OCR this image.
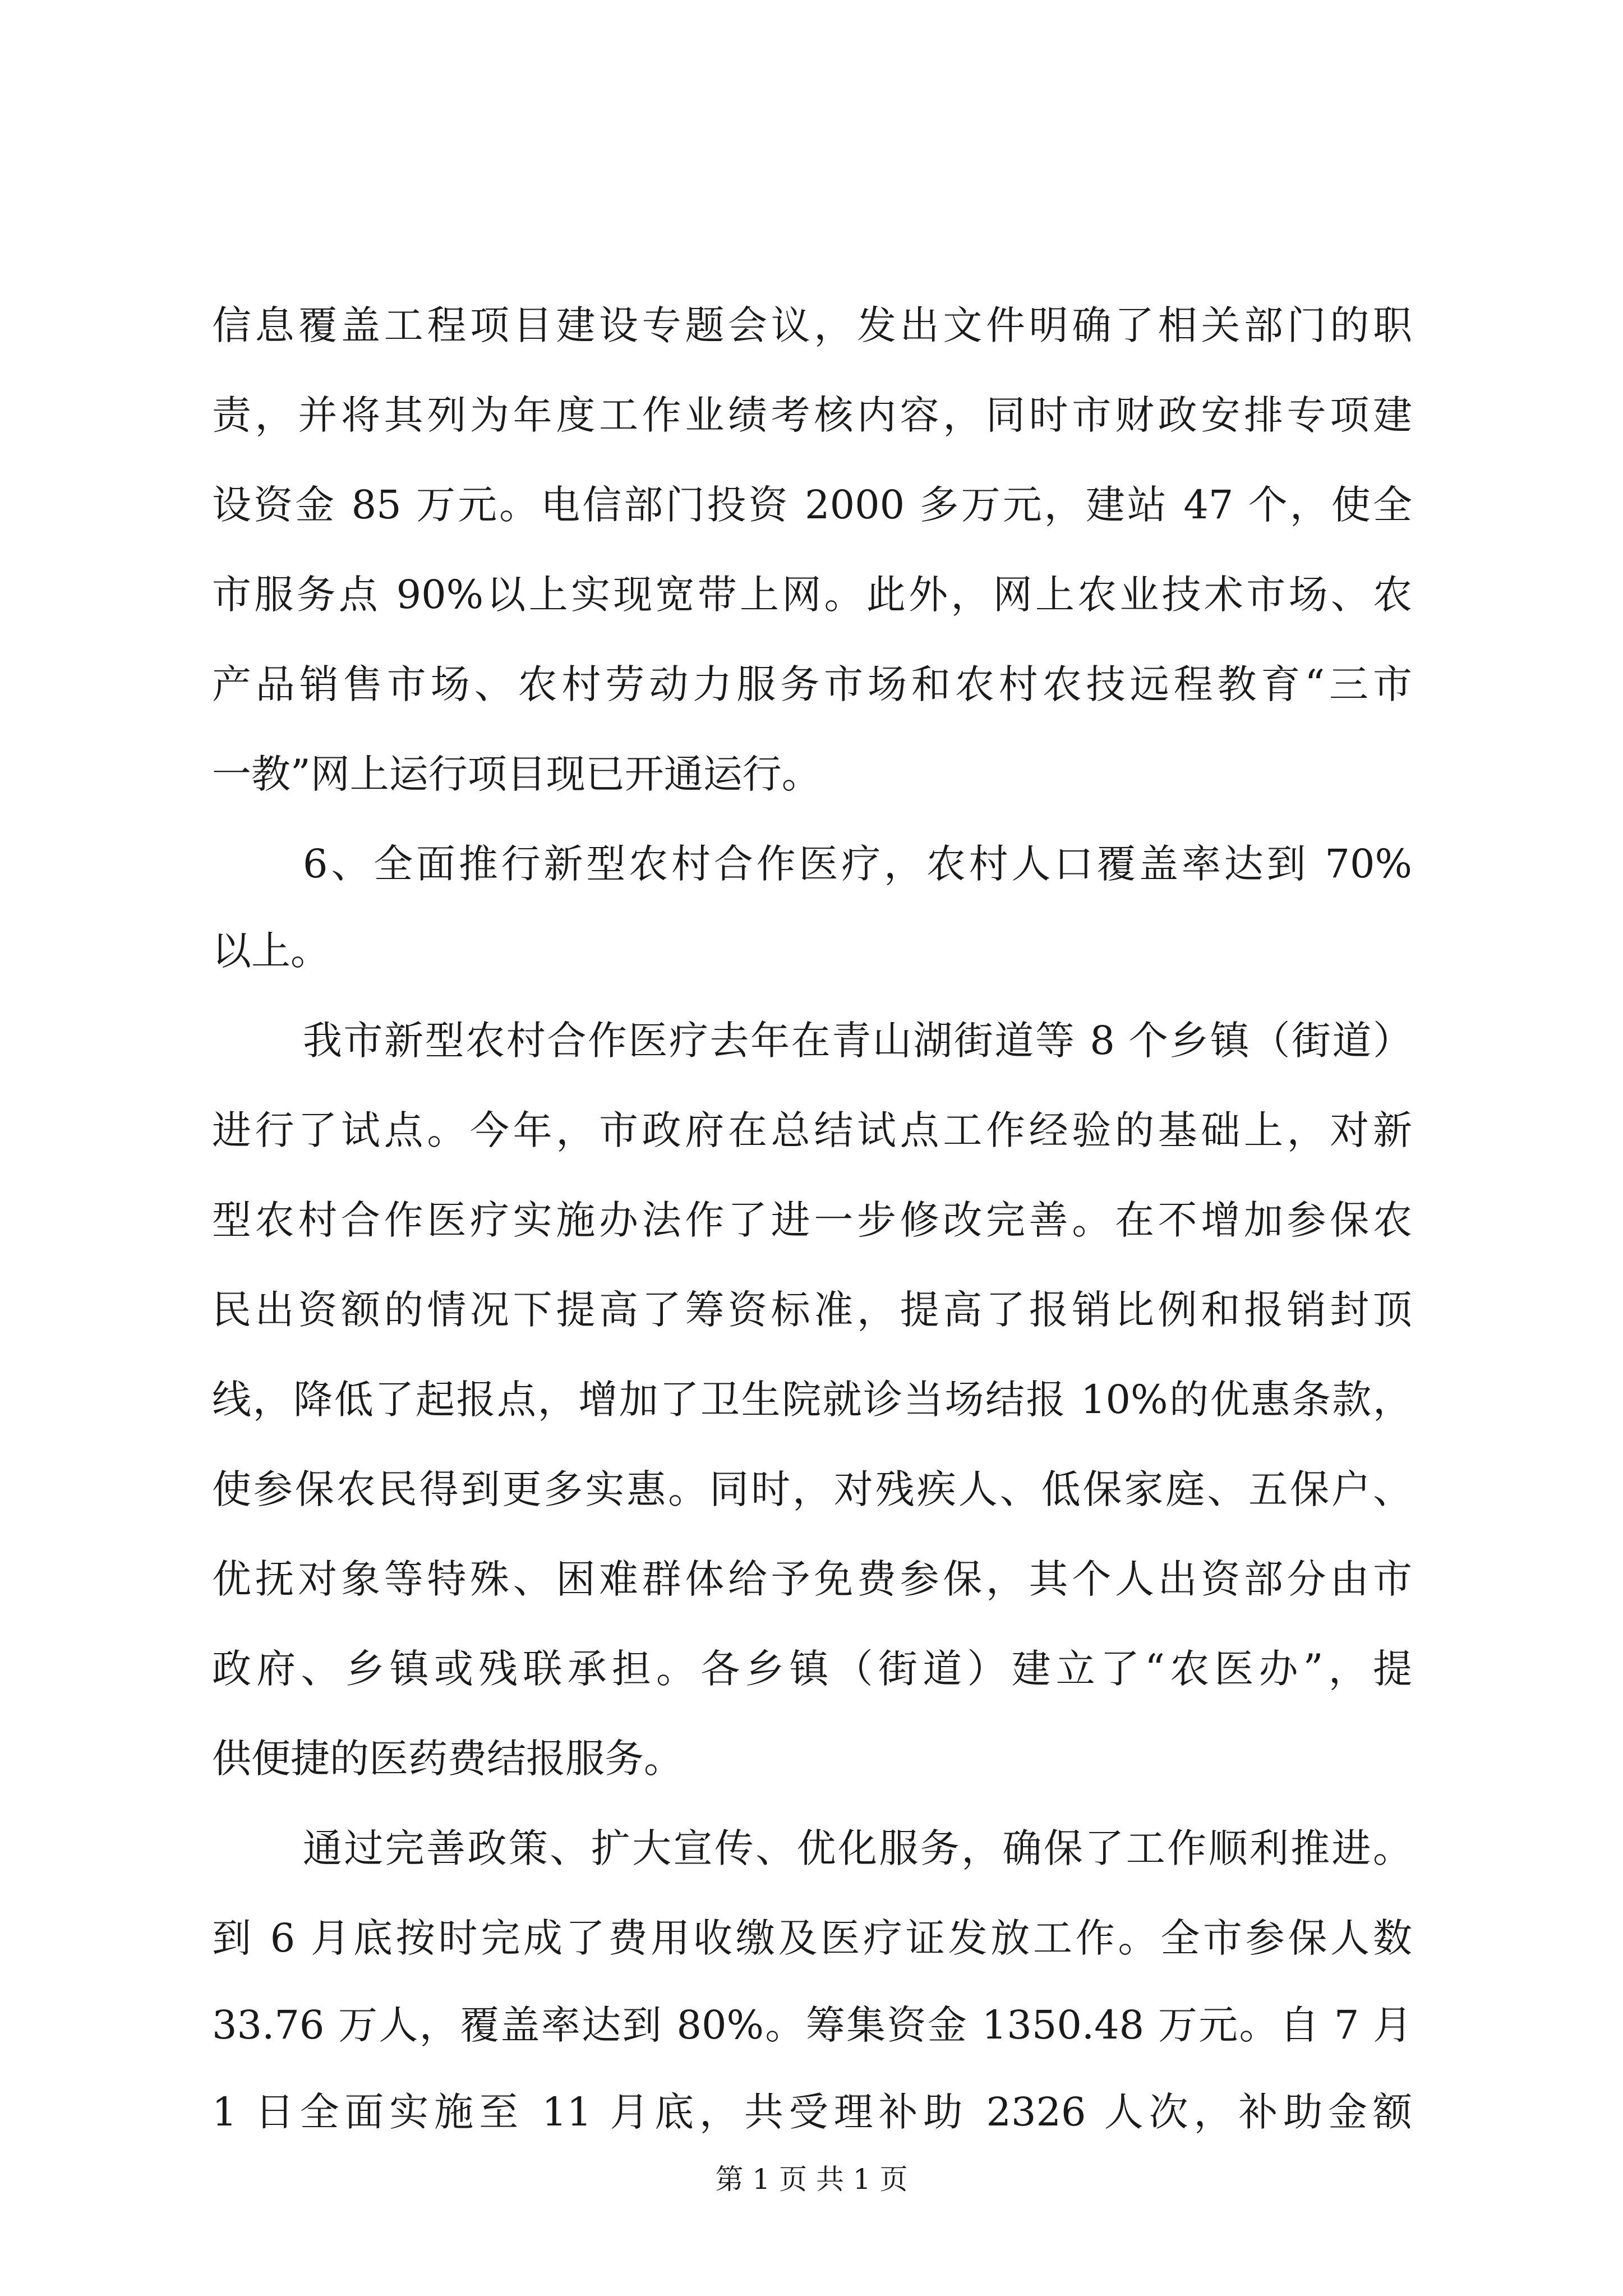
信息覆盖工程项目建设专题会议，发出文件明确了相关部门的职
责，并将其列为年度工作业绩考核内容，同时市财政安排专项建
设资金 85 万元。电信部门投资 2000 多万元，建站 47 个，使全
市服务点 90%以上实现宽带上网。此外，网上农业技术市场、农
产品销售市场、农村劳动力服务市场和农村农技远程教育“三市
一教”网上运行项目现已开通运行。
6、全面推行新型农村合作医疗，农村人口覆盖率达到 70%
以上。
我市新型农村合作医疗去年在青山湖街道等 8 个乡镇（街道）
进行了试点。今年，市政府在总结试点工作经验的基础上，对新
型农村合作医疗实施办法作了进一步修改完善。在不增加参保农
民出资额的情况下提高了筹资标准，提高了报销比例和报销封顶
线，降低了起报点，增加了卫生院就诊当场结报 10%的优惠条款，
使参保农民得到更多实惠。同时，对残疾人、低保家庭、五保户、
优抚对象等特殊、困难群体给予免费参保，其个人出资部分由市
政府、乡镇或残联承担。各乡镇（街道）建立了“农医办”，提
供便捷的医药费结报服务。
通过完善政策、扩大宣传、优化服务，确保了工作顺利推进。
到 6 月底按时完成了费用收缴及医疗证发放工作。全市参保人数
33.76 万人，覆盖率达到 80%。筹集资金 1350.48 万元。自 7 月
1 日全面实施至 11 月底，共受理补助 2326 人次，补助金额
第 1 页 共 1 页
